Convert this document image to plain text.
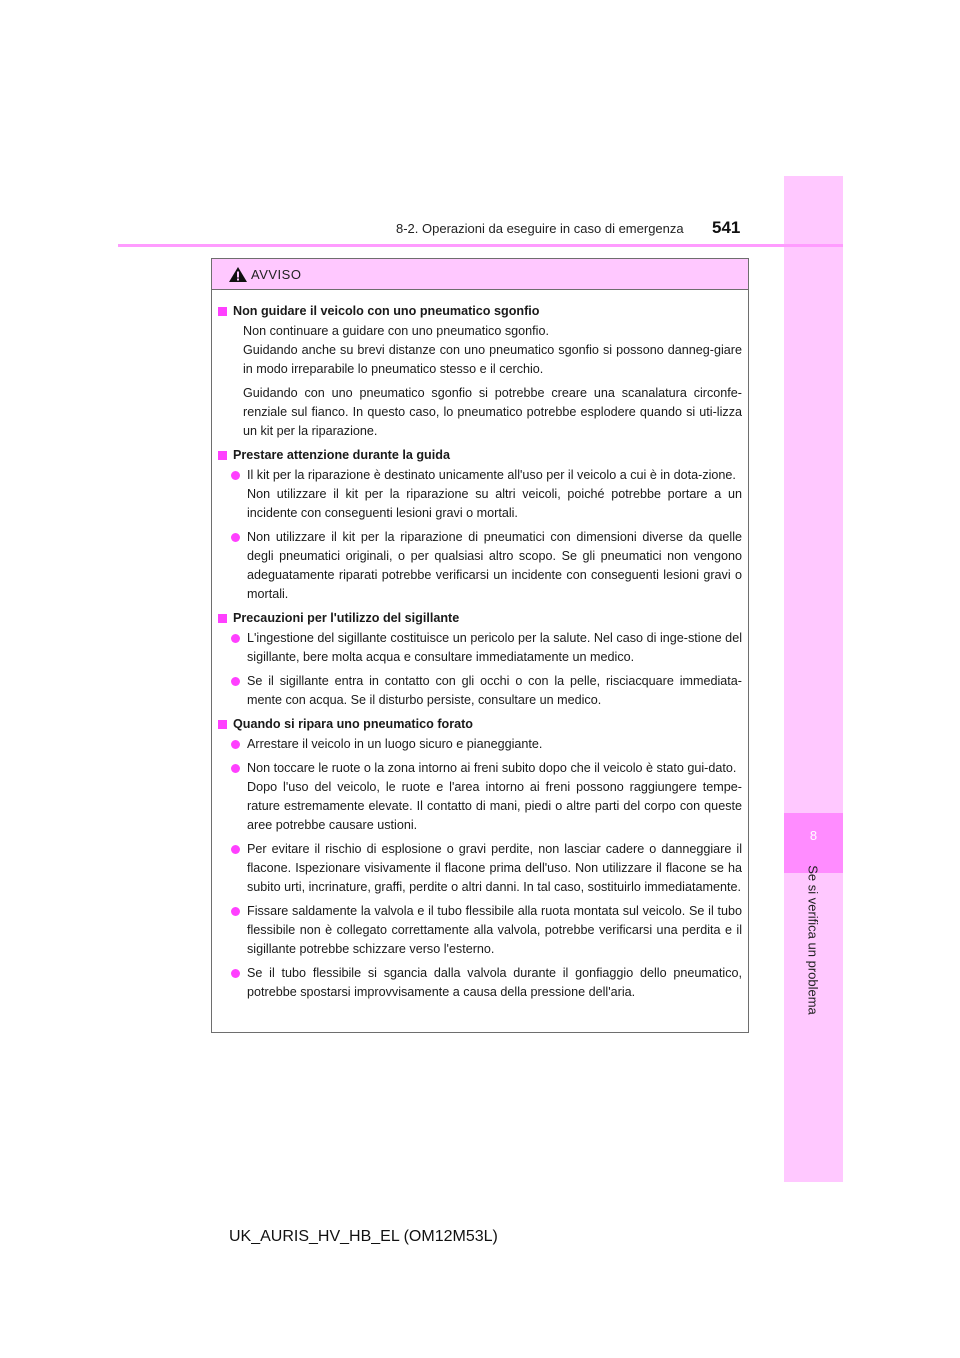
8
Se si verifica un problema
8-2. Operazioni da eseguire in caso di emergenza 541
AVVISO
Non guidare il veicolo con uno pneumatico sgonfio
Non continuare a guidare con uno pneumatico sgonfio.
Guidando anche su brevi distanze con uno pneumatico sgonfio si possono danneg-giare in modo irreparabile lo pneumatico stesso e il cerchio.
Guidando con uno pneumatico sgonfio si potrebbe creare una scanalatura circonfe-renziale sul fianco. In questo caso, lo pneumatico potrebbe esplodere quando si uti-lizza un kit per la riparazione.
Prestare attenzione durante la guida
Il kit per la riparazione è destinato unicamente all'uso per il veicolo a cui è in dota-zione.
Non utilizzare il kit per la riparazione su altri veicoli, poiché potrebbe portare a un incidente con conseguenti lesioni gravi o mortali.
Non utilizzare il kit per la riparazione di pneumatici con dimensioni diverse da quelle degli pneumatici originali, o per qualsiasi altro scopo. Se gli pneumatici non vengono adeguatamente riparati potrebbe verificarsi un incidente con conseguenti lesioni gravi o mortali.
Precauzioni per l'utilizzo del sigillante
L'ingestione del sigillante costituisce un pericolo per la salute. Nel caso di inge-stione del sigillante, bere molta acqua e consultare immediatamente un medico.
Se il sigillante entra in contatto con gli occhi o con la pelle, risciacquare immediata-mente con acqua. Se il disturbo persiste, consultare un medico.
Quando si ripara uno pneumatico forato
Arrestare il veicolo in un luogo sicuro e pianeggiante.
Non toccare le ruote o la zona intorno ai freni subito dopo che il veicolo è stato gui-dato.
Dopo l'uso del veicolo, le ruote e l'area intorno ai freni possono raggiungere tempe-rature estremamente elevate. Il contatto di mani, piedi o altre parti del corpo con queste aree potrebbe causare ustioni.
Per evitare il rischio di esplosione o gravi perdite, non lasciar cadere o danneggiare il flacone. Ispezionare visivamente il flacone prima dell'uso. Non utilizzare il flacone se ha subito urti, incrinature, graffi, perdite o altri danni. In tal caso, sostituirlo immediatamente.
Fissare saldamente la valvola e il tubo flessibile alla ruota montata sul veicolo. Se il tubo flessibile non è collegato correttamente alla valvola, potrebbe verificarsi una perdita e il sigillante potrebbe schizzare verso l'esterno.
Se il tubo flessibile si sgancia dalla valvola durante il gonfiaggio dello pneumatico, potrebbe spostarsi improvvisamente a causa della pressione dell'aria.
UK_AURIS_HV_HB_EL (OM12M53L)
